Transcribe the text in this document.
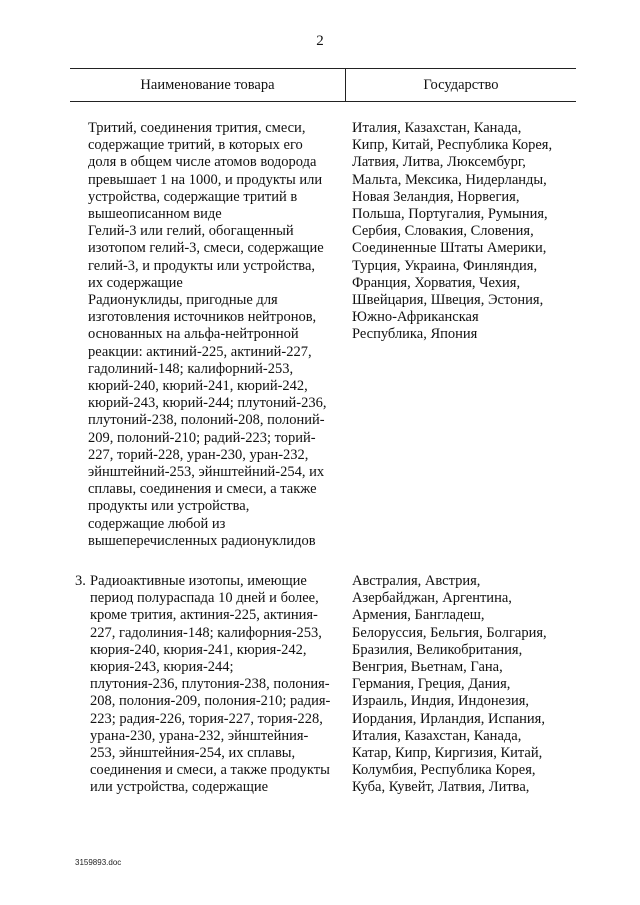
2
Наименование товара	Государство
Тритий, соединения трития, смеси,
содержащие тритий, в которых его
доля в общем числе атомов водорода
превышает 1 на 1000, и продукты или
устройства, содержащие тритий в
вышеописанном виде
Гелий-3 или гелий, обогащенный
изотопом гелий-3, смеси, содержащие
гелий-3, и продукты или устройства,
их содержащие
Радионуклиды, пригодные для
изготовления источников нейтронов,
основанных на альфа-нейтронной
реакции: актиний-225, актиний-227,
гадолиний-148; калифорний-253,
кюрий-240, кюрий-241, кюрий-242,
кюрий-243, кюрий-244; плутоний-236,
плутоний-238, полоний-208, полоний-
209, полоний-210; радий-223; торий-
227, торий-228, уран-230, уран-232,
эйнштейний-253, эйнштейний-254, их
сплавы, соединения и смеси, а также
продукты или устройства,
содержащие любой из
вышеперечисленных радионуклидов
Италия, Казахстан, Канада,
Кипр, Китай, Республика Корея,
Латвия, Литва, Люксембург,
Мальта, Мексика, Нидерланды,
Новая Зеландия, Норвегия,
Польша, Португалия, Румыния,
Сербия, Словакия, Словения,
Соединенные Штаты Америки,
Турция, Украина, Финляндия,
Франция, Хорватия, Чехия,
Швейцария, Швеция, Эстония,
Южно-Африканская
Республика, Япония
3. Радиоактивные изотопы, имеющие
период полураспада 10 дней и более,
кроме трития, актиния-225, актиния-
227, гадолиния-148; калифорния-253,
кюрия-240, кюрия-241, кюрия-242,
кюрия-243, кюрия-244;
плутония-236, плутония-238, полония-
208, полония-209, полония-210; радия-
223; радия-226, тория-227, тория-228,
урана-230, урана-232, эйнштейния-
253, эйнштейния-254, их сплавы,
соединения и смеси, а также продукты
или устройства, содержащие
Австралия, Австрия,
Азербайджан, Аргентина,
Армения, Бангладеш,
Белоруссия, Бельгия, Болгария,
Бразилия, Великобритания,
Венгрия, Вьетнам, Гана,
Германия, Греция, Дания,
Израиль, Индия, Индонезия,
Иордания, Ирландия, Испания,
Италия, Казахстан, Канада,
Катар, Кипр, Киргизия, Китай,
Колумбия, Республика Корея,
Куба, Кувейт, Латвия, Литва,
3159893.doc
